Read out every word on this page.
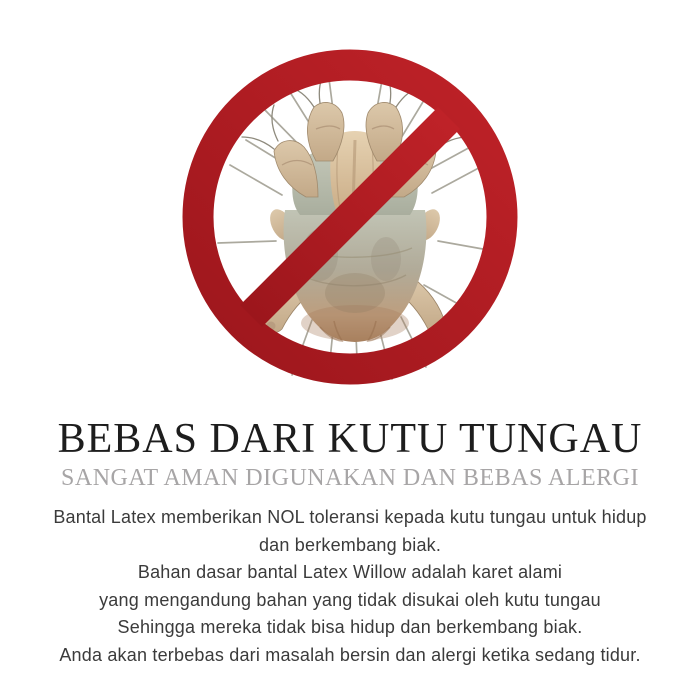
BEBAS DARI KUTU TUNGAU
SANGAT AMAN DIGUNAKAN DAN BEBAS ALERGI

Bantal Latex memberikan NOL toleransi kepada kutu tungau untuk hidup

dan berkembang biak.

Bahan dasar bantal Latex Willow adalah karet alami

yang mengandung bahan yang tidak disukai oleh kutu tungau

Sehingga mereka tidak bisa hidup dan berkembang biak.

Anda akan terbebas dari masalah bersin dan alergi ketika sedang tidur.
